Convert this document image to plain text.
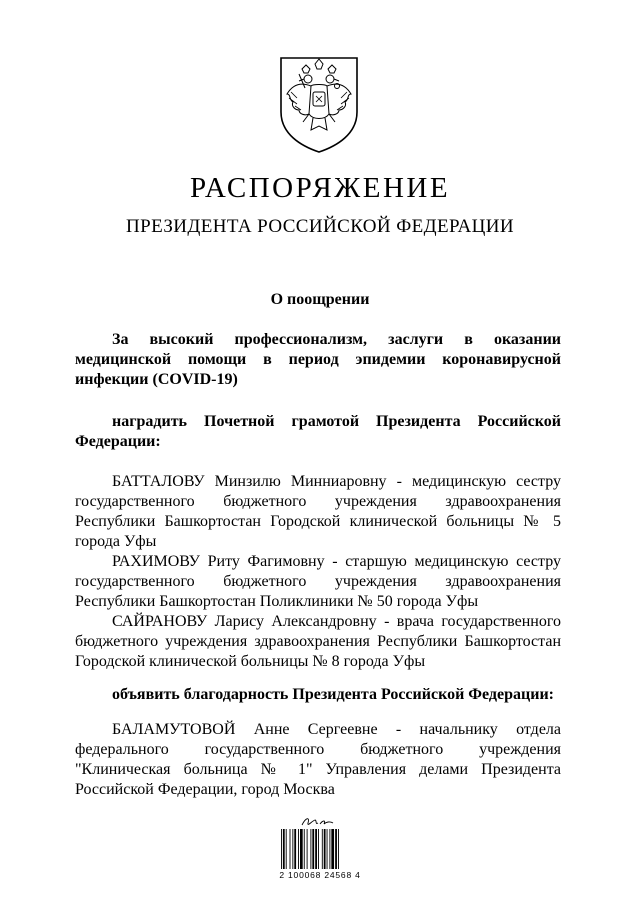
РАСПОРЯЖЕНИЕ
ПРЕЗИДЕНТА РОССИЙСКОЙ ФЕДЕРАЦИИ
О поощрении
За высокий профессионализм, заслуги в оказании медицинской помощи в период эпидемии коронавирусной инфекции (COVID-19)
наградить Почетной грамотой Президента Российской Федерации:

БАТТАЛОВУ Минзилю Минниаровну - медицинскую сестру государственного бюджетного учреждения здравоохранения Республики Башкортостан Городской клинической больницы № 5 города Уфы

РАХИМОВУ Риту Фагимовну - старшую медицинскую сестру государственного бюджетного учреждения здравоохранения Республики Башкортостан Поликлиники № 50 города Уфы

САЙРАНОВУ Ларису Александровну - врача государственного бюджетного учреждения здравоохранения Республики Башкортостан Городской клинической больницы № 8 города Уфы

объявить благодарность Президента Российской Федерации:

БАЛАМУТОВОЙ Анне Сергеевне - начальнику отдела федерального государственного бюджетного учреждения "Клиническая больница № 1" Управления делами Президента Российской Федерации, город Москва

2 100068 24568 4
